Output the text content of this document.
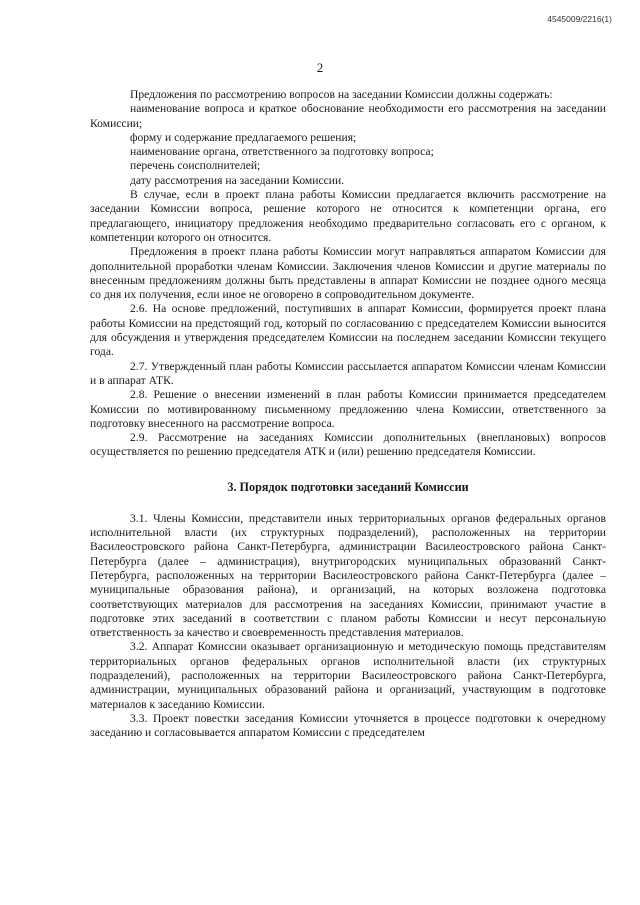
4545009/2216(1)
2

Предложения по рассмотрению вопросов на заседании Комиссии должны содержать:

наименование вопроса и краткое обоснование необходимости его рассмотрения на заседании Комиссии;

форму и содержание предлагаемого решения;

наименование органа, ответственного за подготовку вопроса;

перечень соисполнителей;

дату рассмотрения на заседании Комиссии.

В случае, если в проект плана работы Комиссии предлагается включить рассмотрение на заседании Комиссии вопроса, решение которого не относится к компетенции органа, его предлагающего, инициатору предложения необходимо предварительно согласовать его с органом, к компетенции которого он относится.

Предложения в проект плана работы Комиссии могут направляться аппаратом Комиссии для дополнительной проработки членам Комиссии. Заключения членов Комиссии и другие материалы по внесенным предложениям должны быть представлены в аппарат Комиссии не позднее одного месяца со дня их получения, если иное не оговорено в сопроводительном документе.

2.6. На основе предложений, поступивших в аппарат Комиссии, формируется проект плана работы Комиссии на предстоящий год, который по согласованию с председателем Комиссии выносится для обсуждения и утверждения председателем Комиссии на последнем заседании Комиссии текущего года.

2.7. Утвержденный план работы Комиссии рассылается аппаратом Комиссии членам Комиссии и в аппарат АТК.

2.8. Решение о внесении изменений в план работы Комиссии принимается председателем Комиссии по мотивированному письменному предложению члена Комиссии, ответственного за подготовку внесенного на рассмотрение вопроса.

2.9. Рассмотрение на заседаниях Комиссии дополнительных (внеплановых) вопросов осуществляется по решению председателя АТК и (или) решению председателя Комиссии.

3. Порядок подготовки заседаний Комиссии

3.1. Члены Комиссии, представители иных территориальных органов федеральных органов исполнительной власти (их структурных подразделений), расположенных на территории Василеостровского района Санкт-Петербурга, администрации Василеостровского района Санкт-Петербурга (далее – администрация), внутригородских муниципальных образований Санкт-Петербурга, расположенных на территории Василеостровского района Санкт-Петербурга (далее – муниципальные образования района), и организаций, на которых возложена подготовка соответствующих материалов для рассмотрения на заседаниях Комиссии, принимают участие в подготовке этих заседаний в соответствии с планом работы Комиссии и несут персональную ответственность за качество и своевременность представления материалов.

3.2. Аппарат Комиссии оказывает организационную и методическую помощь представителям территориальных органов федеральных органов исполнительной власти (их структурных подразделений), расположенных на территории Василеостровского района Санкт-Петербурга, администрации, муниципальных образований района и организаций, участвующим в подготовке материалов к заседанию Комиссии.

3.3. Проект повестки заседания Комиссии уточняется в процессе подготовки к очередному заседанию и согласовывается аппаратом Комиссии с председателем
